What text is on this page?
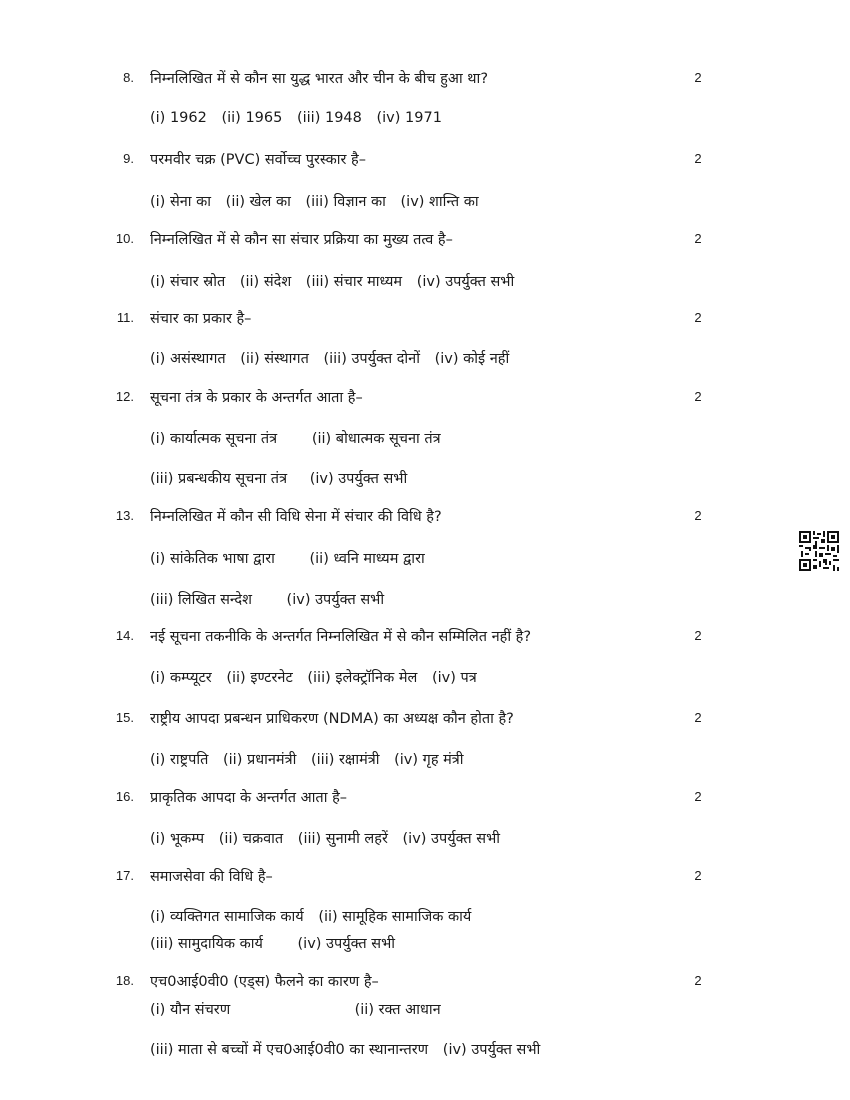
8. निम्नलिखित में से कौन सा युद्ध भारत और चीन के बीच हुआ था?	2
(i) 1962 (ii) 1965 (iii) 1948 (iv) 1971
9. परमवीर चक्र (PVC) सर्वोच्च पुरस्कार है–	2
(i) सेना का (ii) खेल का (iii) विज्ञान का (iv) शान्ति का
10. निम्नलिखित में से कौन सा संचार प्रक्रिया का मुख्य तत्व है–	2
(i) संचार स्रोत (ii) संदेश (iii) संचार माध्यम (iv) उपर्युक्त सभी
11. संचार का प्रकार है–	2
(i) असंस्थागत (ii) संस्थागत (iii) उपर्युक्त दोनों (iv) कोई नहीं
12. सूचना तंत्र के प्रकार के अन्तर्गत आता है–	2
(i) कार्यात्मक सूचना तंत्र (ii) बोधात्मक सूचना तंत्र
(iii) प्रबन्धकीय सूचना तंत्र (iv) उपर्युक्त सभी
13. निम्नलिखित में कौन सी विधि सेना में संचार की विधि है?	2
(i) सांकेतिक भाषा द्वारा (ii) ध्वनि माध्यम द्वारा
(iii) लिखित सन्देश (iv) उपर्युक्त सभी
14. नई सूचना तकनीकि के अन्तर्गत निम्नलिखित में से कौन सम्मिलित नहीं है?	2
(i) कम्प्यूटर (ii) इण्टरनेट (iii) इलेक्ट्रॉनिक मेल (iv) पत्र
15. राष्ट्रीय आपदा प्रबन्धन प्राधिकरण (NDMA) का अध्यक्ष कौन होता है?	2
(i) राष्ट्रपति (ii) प्रधानमंत्री (iii) रक्षामंत्री (iv) गृह मंत्री
16. प्राकृतिक आपदा के अन्तर्गत आता है–	2
(i) भूकम्प (ii) चक्रवात (iii) सुनामी लहरें (iv) उपर्युक्त सभी
17. समाजसेवा की विधि है–	2
(i) व्यक्तिगत सामाजिक कार्य (ii) सामूहिक सामाजिक कार्य
(iii) सामुदायिक कार्य (iv) उपर्युक्त सभी
18. एच0आई0वी0 (एड्स) फैलने का कारण है–	2
(i) यौन संचरण	(ii) रक्त आधान
(iii) माता से बच्चों में एच0आई0वी0 का स्थानान्तरण (iv) उपर्युक्त सभी
